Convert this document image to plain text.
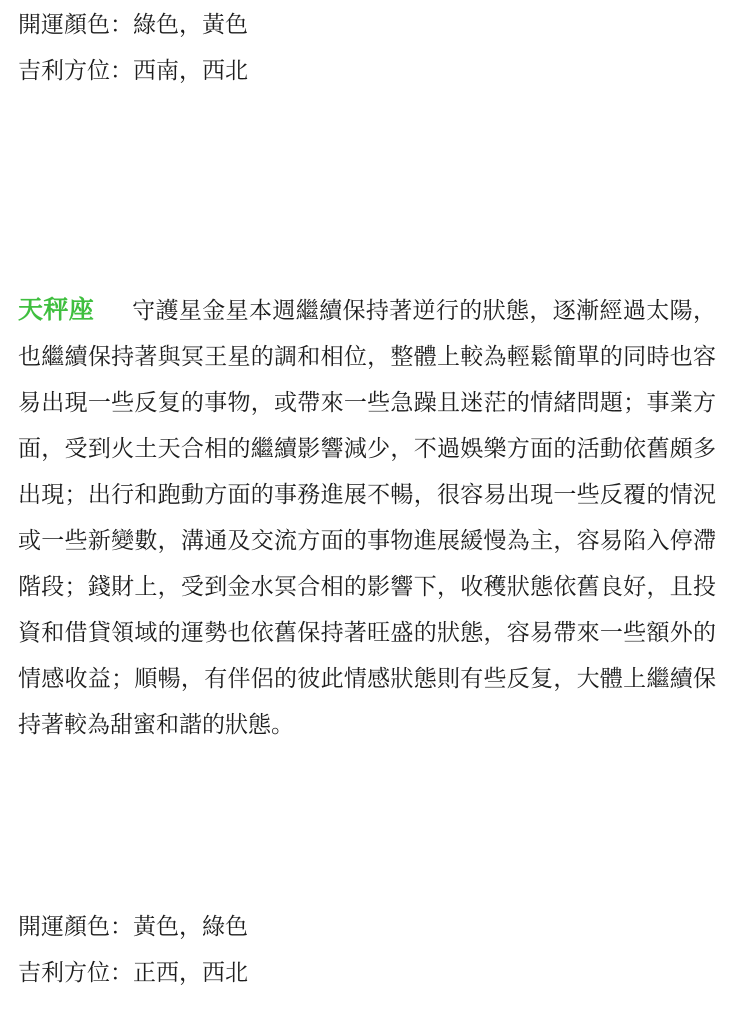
開運顏色：綠色，黃色
吉利方位：西南，西北
天秤座 守護星金星本週繼續保持著逆行的狀態，逐漸經過太陽，也繼續保持著與冥王星的調和相位，整體上較為輕鬆簡單的同時也容易出現一些反复的事物，或帶來一些急躁且迷茫的情緒問題；事業方面，受到火土天合相的繼續影響減少，不過娛樂方面的活動依舊頗多出現；出行和跑動方面的事務進展不暢，很容易出現一些反覆的情況或一些新變數，溝通及交流方面的事物進展緩慢為主，容易陷入停滯階段；錢財上，受到金水冥合相的影響下，收穫狀態依舊良好，且投資和借貸領域的運勢也依舊保持著旺盛的狀態，容易帶來一些額外的情感收益；順暢，有伴侶的彼此情感狀態則有些反复，大體上繼續保持著較為甜蜜和諧的狀態。
開運顏色：黃色，綠色
吉利方位：正西，西北
